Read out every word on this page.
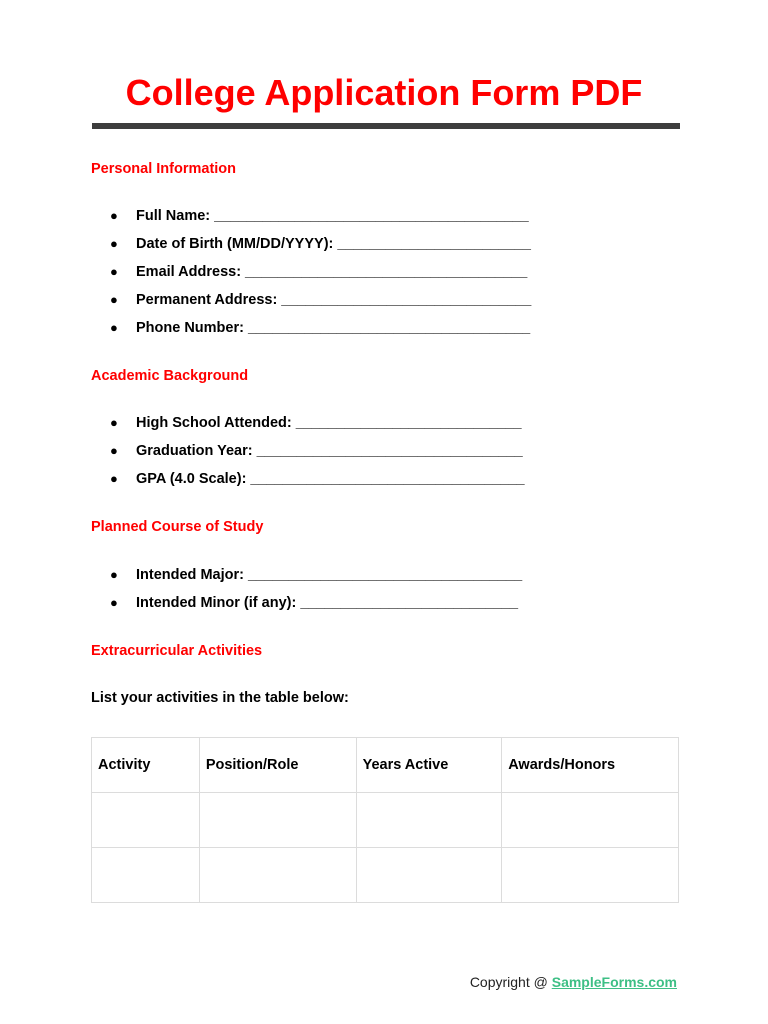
College Application Form PDF
Personal Information
● Full Name: _______________________________________
● Date of Birth (MM/DD/YYYY): ________________________
● Email Address: ___________________________________
● Permanent Address: _______________________________
● Phone Number: ___________________________________
Academic Background
● High School Attended: ____________________________
● Graduation Year: _________________________________
● GPA (4.0 Scale): __________________________________
Planned Course of Study
● Intended Major: __________________________________
● Intended Minor (if any): ___________________________
Extracurricular Activities
List your activities in the table below:
Activity	Position/Role	Years Active	Awards/Honors

Copyright @ SampleForms.com
